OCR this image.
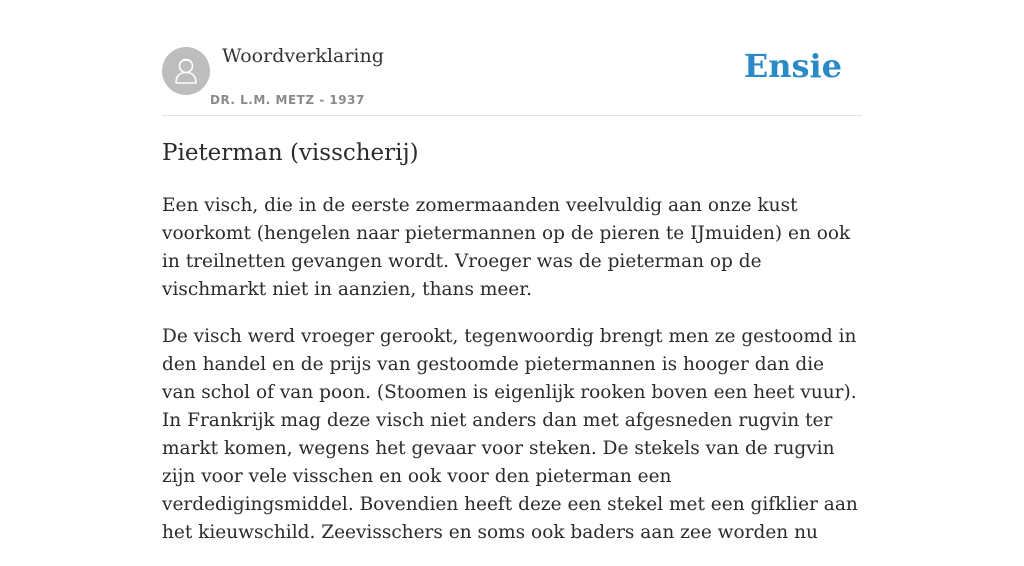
Woordverklaring
DR. L.M. METZ - 1937
Ensie
Pieterman (visscherij)

Een visch, die in de eerste zomermaanden veelvuldig aan onze kust voorkomt (hengelen naar pietermannen op de pieren te IJmuiden) en ook in treilnetten gevangen wordt. Vroeger was de pieterman op de vischmarkt niet in aanzien, thans meer.

De visch werd vroeger gerookt, tegenwoordig brengt men ze gestoomd in den handel en de prijs van gestoomde pietermannen is hooger dan die van schol of van poon. (Stoomen is eigenlijk rooken boven een heet vuur). In Frankrijk mag deze visch niet anders dan met afgesneden rugvin ter markt komen, wegens het gevaar voor steken. De stekels van de rugvin zijn voor vele visschen en ook voor den pieterman een verdedigingsmiddel. Bovendien heeft deze een stekel met een gifklier aan het kieuwschild. Zeevisschers en soms ook baders aan zee worden nu
